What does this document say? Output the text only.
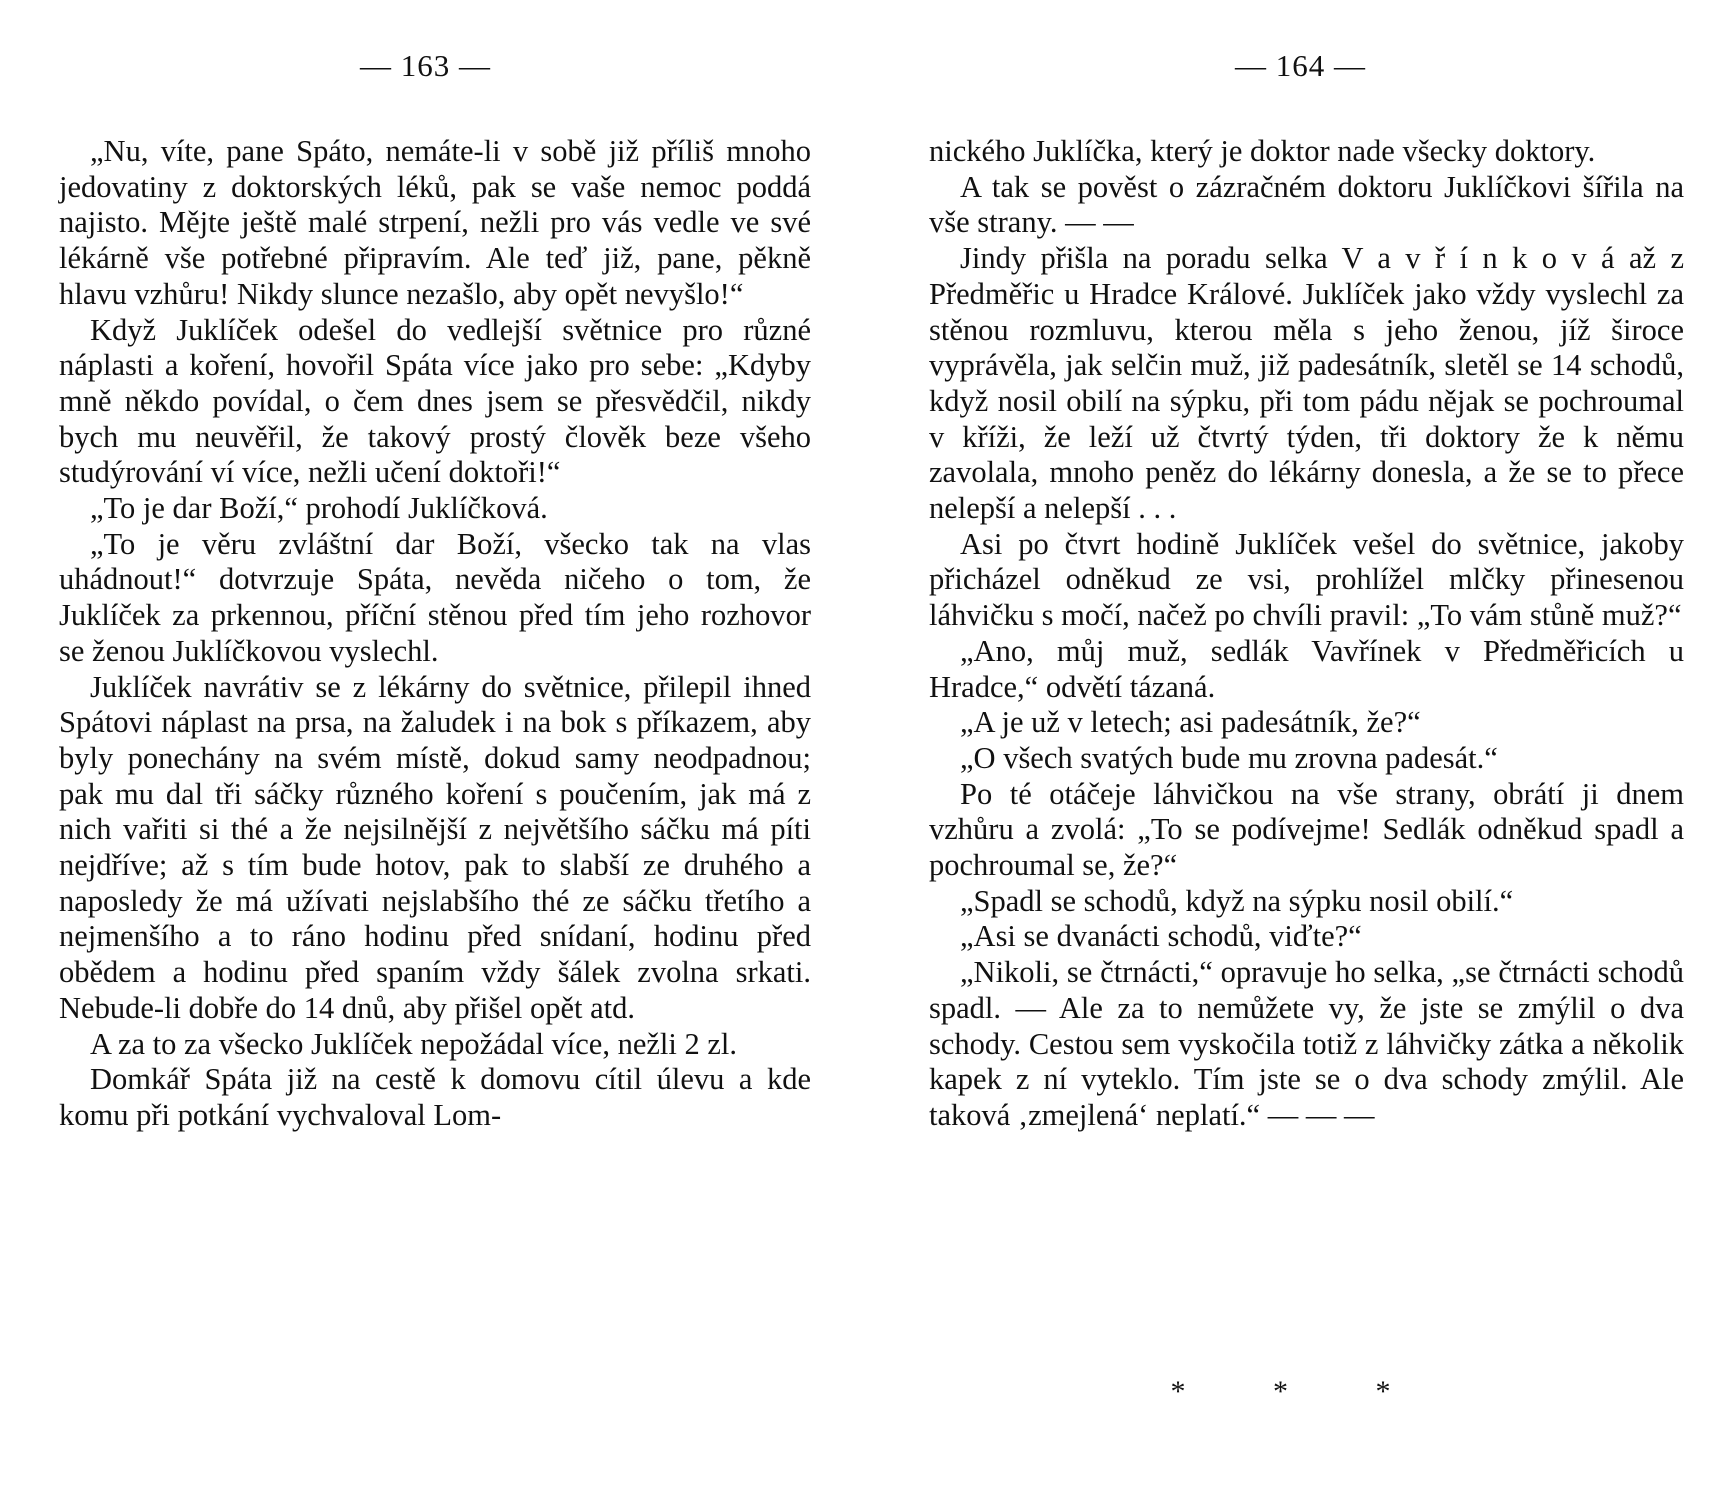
— 163 —

„Nu, víte, pane Spáto, nemáte-li v sobě již příliš mnoho jedovatiny z doktorských léků, pak se vaše nemoc poddá najisto. Mějte ještě malé strpení, nežli pro vás vedle ve své lékárně vše potřebné připravím. Ale teď již, pane, pěkně hlavu vzhůru! Nikdy slunce nezašlo, aby opět nevyšlo!“

Když Juklíček odešel do vedlejší světnice pro různé náplasti a koření, hovořil Spáta více jako pro sebe: „Kdyby mně někdo povídal, o čem dnes jsem se přesvědčil, nikdy bych mu neuvěřil, že takový prostý člověk beze všeho studýrování ví více, nežli učení doktoři!“

„To je dar Boží,“ prohodí Juklíčková.

„To je věru zvláštní dar Boží, všecko tak na vlas uhádnout!“ dotvrzuje Spáta, nevěda ničeho o tom, že Juklíček za prkennou, příční stěnou před tím jeho rozhovor se ženou Juklíčkovou vyslechl.

Juklíček navrátiv se z lékárny do světnice, přilepil ihned Spátovi náplast na prsa, na žaludek i na bok s příkazem, aby byly ponechány na svém místě, dokud samy neodpadnou; pak mu dal tři sáčky různého koření s poučením, jak má z nich vařiti si thé a že nejsilnější z největšího sáčku má píti nejdříve; až s tím bude hotov, pak to slabší ze druhého a naposledy že má užívati nejslabšího thé ze sáčku třetího a nejmenšího a to ráno hodinu před snídaní, hodinu před obědem a hodinu před spaním vždy šálek zvolna srkati. Nebude-li dobře do 14 dnů, aby přišel opět atd.

A za to za všecko Juklíček nepožádal více, nežli 2 zl.

Domkář Spáta již na cestě k domovu cítil úlevu a kde komu při potkání vychvaloval Lom-

— 164 —

nického Juklíčka, který je doktor nade všecky doktory.

A tak se pověst o zázračném doktoru Juklíčkovi šířila na vše strany. — —

Jindy přišla na poradu selka V a v ř í n k o v á až z Předměřic u Hradce Králové. Juklíček jako vždy vyslechl za stěnou rozmluvu, kterou měla s jeho ženou, jíž široce vyprávěla, jak selčin muž, již padesátník, sletěl se 14 schodů, když nosil obilí na sýpku, při tom pádu nějak se pochroumal v kříži, že leží už čtvrtý týden, tři doktory že k němu zavolala, mnoho peněz do lékárny donesla, a že se to přece nelepší a nelepší . . .

Asi po čtvrt hodině Juklíček vešel do světnice, jakoby přicházel odněkud ze vsi, prohlížel mlčky přinesenou láhvičku s močí, načež po chvíli pravil: „To vám stůně muž?“

„Ano, můj muž, sedlák Vavřínek v Předměřicích u Hradce,“ odvětí tázaná.

„A je už v letech; asi padesátník, že?“

„O všech svatých bude mu zrovna padesát.“

Po té otáčeje láhvičkou na vše strany, obrátí ji dnem vzhůru a zvolá: „To se podívejme! Sedlák odněkud spadl a pochroumal se, že?“

„Spadl se schodů, když na sýpku nosil obilí.“

„Asi se dvanácti schodů, viďte?“

„Nikoli, se čtrnácti,“ opravuje ho selka, „se čtrnácti schodů spadl. — Ale za to nemůžete vy, že jste se zmýlil o dva schody. Cestou sem vyskočila totiž z láhvičky zátka a několik kapek z ní vyteklo. Tím jste se o dva schody zmýlil. Ale taková ‚zmejlená‘ neplatí.“ — — —

* * *
